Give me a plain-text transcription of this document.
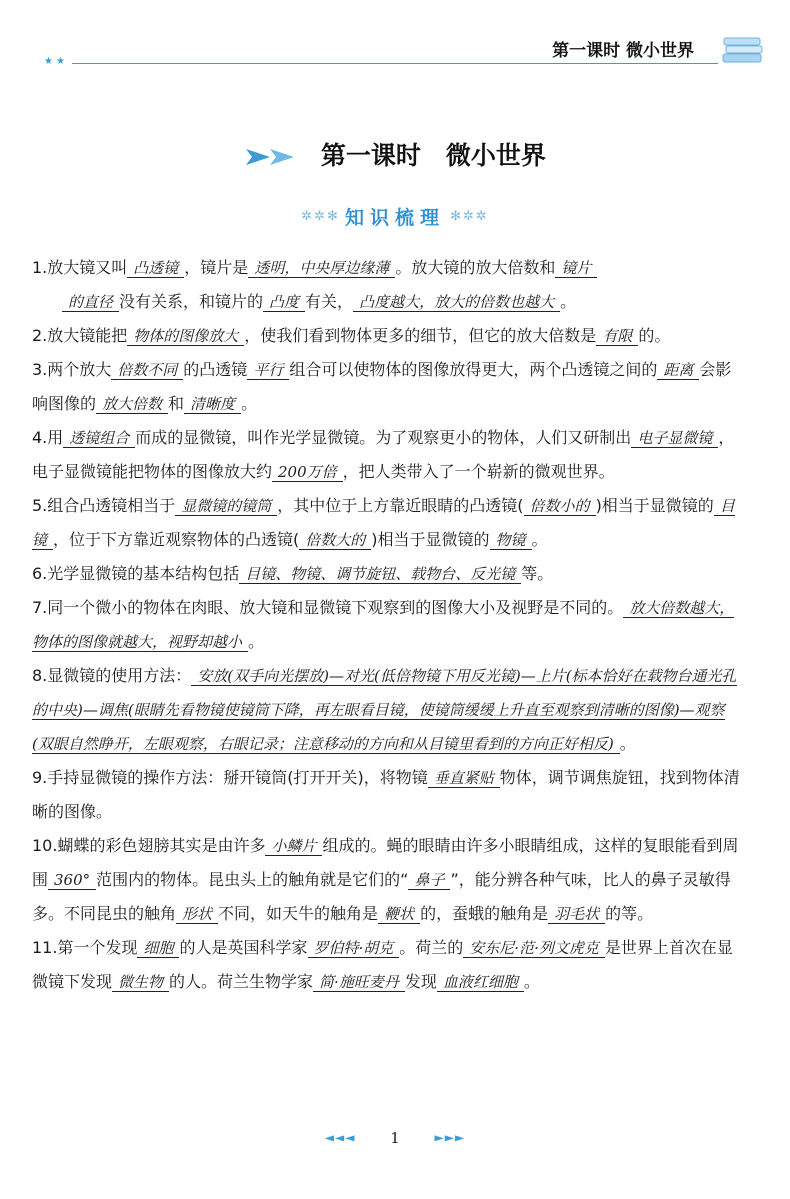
★★
第一课时 微小世界
第一课时　微小世界
✲✲✻ 知识梳理 ✻✲✲
1.放大镜又叫 凸透镜 ，镜片是 透明，中央厚边缘薄 。放大镜的放大倍数和 镜片
的直径 没有关系，和镜片的 凸度 有关， 凸度越大，放大的倍数也越大 。
2.放大镜能把 物体的图像放大 ，使我们看到物体更多的细节，但它的放大倍数是 有限 的。
3.两个放大 倍数不同 的凸透镜 平行 组合可以使物体的图像放得更大，两个凸透镜之间的 距离 会影响图像的 放大倍数 和 清晰度 。
4.用 透镜组合 而成的显微镜，叫作光学显微镜。为了观察更小的物体，人们又研制出 电子显微镜 ，电子显微镜能把物体的图像放大约 200万倍 ，把人类带入了一个崭新的微观世界。
5.组合凸透镜相当于 显微镜的镜筒 ，其中位于上方靠近眼睛的凸透镜( 倍数小的 )相当于显微镜的 目镜 ，位于下方靠近观察物体的凸透镜( 倍数大的 )相当于显微镜的 物镜 。
6.光学显微镜的基本结构包括 目镜、物镜、调节旋钮、载物台、反光镜 等。
7.同一个微小的物体在肉眼、放大镜和显微镜下观察到的图像大小及视野是不同的。 放大倍数越大，物体的图像就越大，视野却越小 。
8.显微镜的使用方法： 安放(双手向光摆放)—对光(低倍物镜下用反光镜)—上片(标本恰好在载物台通光孔的中央)—调焦(眼睛先看物镜使镜筒下降，再左眼看目镜，使镜筒缓缓上升直至观察到清晰的图像)—观察(双眼自然睁开，左眼观察，右眼记录；注意移动的方向和从目镜里看到的方向正好相反) 。
9.手持显微镜的操作方法：掰开镜筒(打开开关)，将物镜 垂直紧贴 物体，调节调焦旋钮，找到物体清晰的图像。
10.蝴蝶的彩色翅膀其实是由许多 小鳞片 组成的。蝇的眼睛由许多小眼睛组成，这样的复眼能看到周围 360° 范围内的物体。昆虫头上的触角就是它们的“ 鼻子 ”，能分辨各种气味，比人的鼻子灵敏得多。不同昆虫的触角 形状 不同，如天牛的触角是 鞭状 的，蚕蛾的触角是 羽毛状 的等。
11.第一个发现 细胞 的人是英国科学家 罗伯特·胡克 。荷兰的 安东尼·范·列文虎克 是世界上首次在显微镜下发现 微生物 的人。荷兰生物学家 简·施旺麦丹 发现 血液红细胞 。
◄◄◄ 1	►►►
